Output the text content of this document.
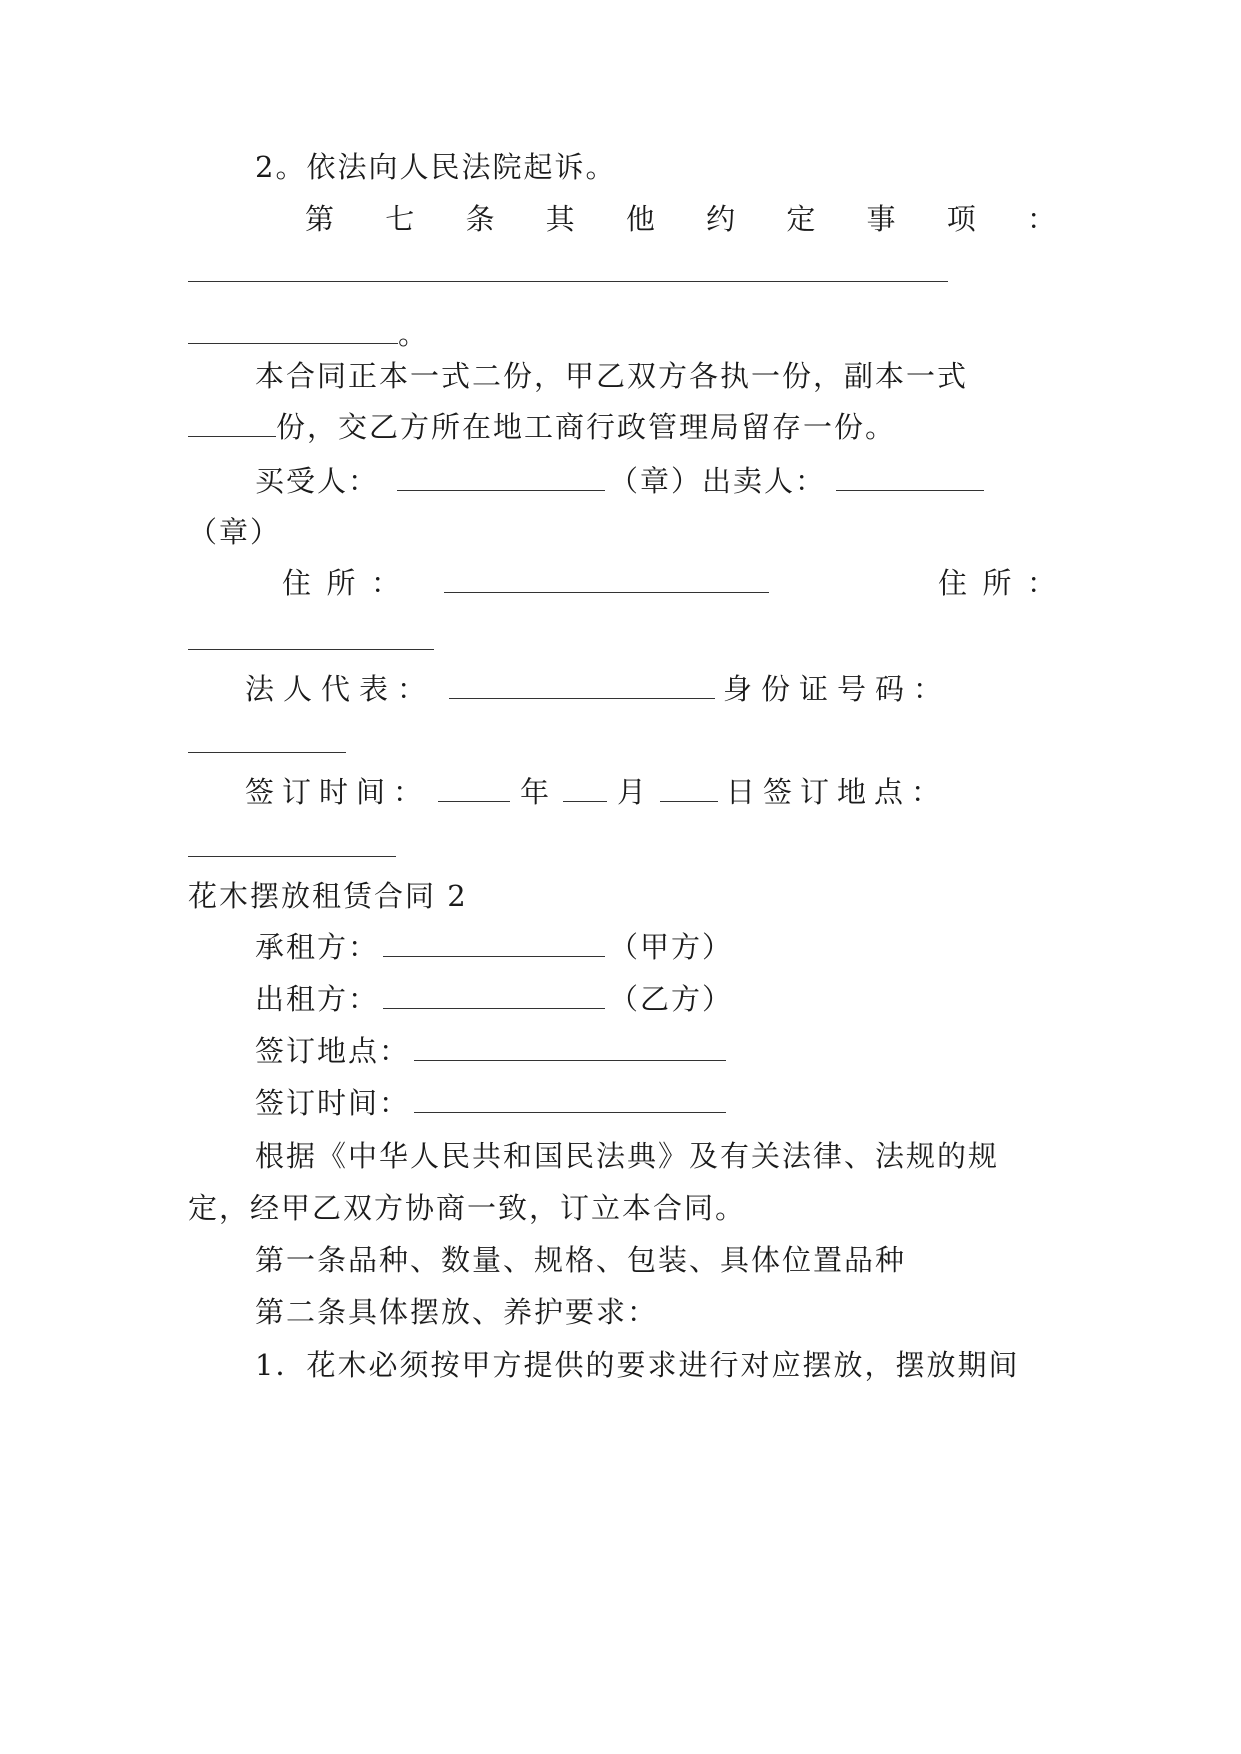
2。依法向人民法院起诉。
第 七 条 其 他 约 定 事 项 ：
。
本合同正本一式二份，甲乙双方各执一份，副本一式
份，交乙方所在地工商行政管理局留存一份。
买受人：	（章）出卖人：
（章）
住 所 ：	住 所 ：
法人代表：	身份证号码：
签订时间：	年 月 日签订地点：
花木摆放租赁合同 2
承租方：	（甲方）
出租方：	（乙方）
签订地点：
签订时间：
根据《中华人民共和国民法典》及有关法律、法规的规
定，经甲乙双方协商一致，订立本合同。
第一条品种、数量、规格、包装、具体位置品种
第二条具体摆放、养护要求：
1．花木必须按甲方提供的要求进行对应摆放，摆放期间
